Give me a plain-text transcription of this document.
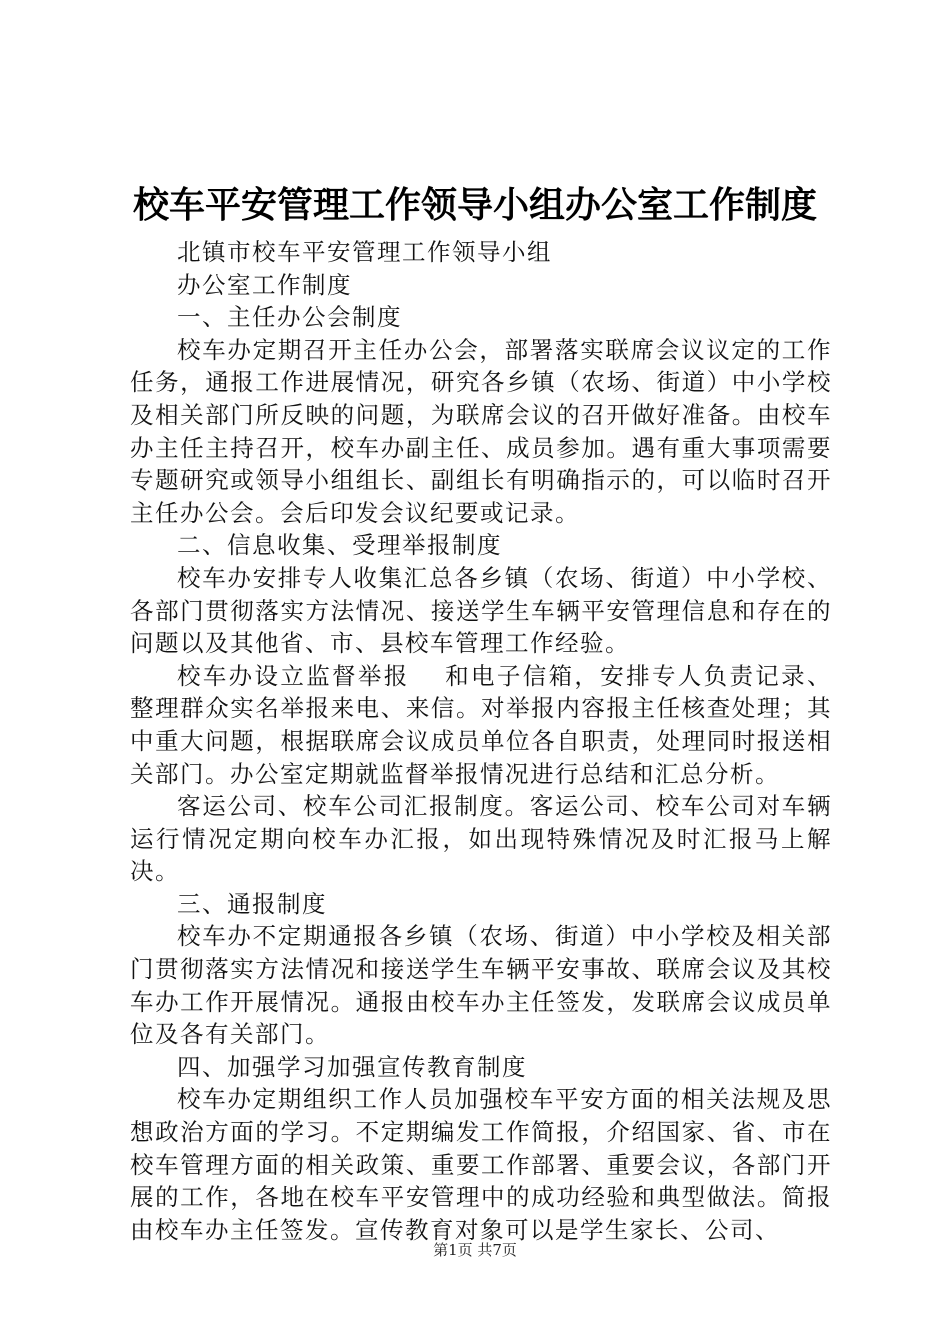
校车平安管理工作领导小组办公室工作制度

北镇市校车平安管理工作领导小组

办公室工作制度

一、主任办公会制度

校车办定期召开主任办公会，部署落实联席会议议定的工作任务，通报工作进展情况，研究各乡镇（农场、街道）中小学校及相关部门所反映的问题，为联席会议的召开做好准备。由校车办主任主持召开，校车办副主任、成员参加。遇有重大事项需要专题研究或领导小组组长、副组长有明确指示的，可以临时召开主任办公会。会后印发会议纪要或记录。

二、信息收集、受理举报制度

校车办安排专人收集汇总各乡镇（农场、街道）中小学校、各部门贯彻落实方法情况、接送学生车辆平安管理信息和存在的问题以及其他省、市、县校车管理工作经验。

校车办设立监督举报　 和电子信箱，安排专人负责记录、整理群众实名举报来电、来信。对举报内容报主任核查处理；其中重大问题，根据联席会议成员单位各自职责，处理同时报送相关部门。办公室定期就监督举报情况进行总结和汇总分析。

客运公司、校车公司汇报制度。客运公司、校车公司对车辆运行情况定期向校车办汇报，如出现特殊情况及时汇报马上解决。

三、通报制度

校车办不定期通报各乡镇（农场、街道）中小学校及相关部门贯彻落实方法情况和接送学生车辆平安事故、联席会议及其校车办工作开展情况。通报由校车办主任签发，发联席会议成员单位及各有关部门。

四、加强学习加强宣传教育制度

校车办定期组织工作人员加强校车平安方面的相关法规及思想政治方面的学习。不定期编发工作简报，介绍国家、省、市在校车管理方面的相关政策、重要工作部署、重要会议，各部门开展的工作，各地在校车平安管理中的成功经验和典型做法。简报由校车办主任签发。宣传教育对象可以是学生家长、公司、

第1页 共7页
